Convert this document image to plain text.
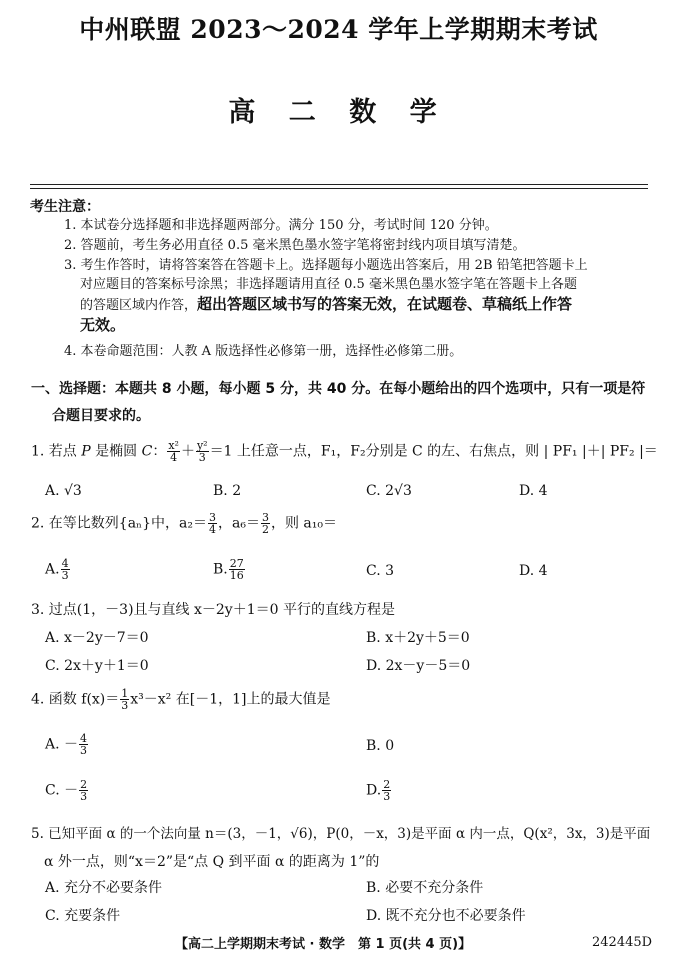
中州联盟 2023～2024 学年上学期期末考试
高 二 数 学
考生注意：
1. 本试卷分选择题和非选择题两部分。满分 150 分，考试时间 120 分钟。
2. 答题前，考生务必用直径 0.5 毫米黑色墨水签字笔将密封线内项目填写清楚。
3. 考生作答时，请将答案答在答题卡上。选择题每小题选出答案后，用 2B 铅笔把答题卡上
对应题目的答案标号涂黑；非选择题请用直径 0.5 毫米黑色墨水签字笔在答题卡上各题
的答题区域内作答，超出答题区域书写的答案无效，在试题卷、草稿纸上作答
无效。
4. 本卷命题范围：人教 A 版选择性必修第一册，选择性必修第二册。
一、选择题：本题共 8 小题，每小题 5 分，共 40 分。在每小题给出的四个选项中，只有一项是符
合题目要求的。
1. 若点 P 是椭圆 C： $\frac{\text{x²}}{4} + \frac{\text{y²}}{3} =1$ 上任意一点，F₁，F₂分别是 C 的左、右焦点，则 | PF₁ |＋| PF₂ |＝
A. √3	B. 2	C. 2√3	D. 4
2. 在等比数列{aₙ}中，$a_2= \frac{3}{4}$ ，$a_6= \frac{3}{2}$ ，则 a₁₀＝
A. $\frac{4}{3}$	B. $\frac{27}{16}$	C. 3	D. 4
3. 过点(1，－3)且与直线 x－2y＋1＝0 平行的直线方程是
A. x－2y－7＝0	B. x＋2y＋5＝0
C. 2x＋y＋1＝0	D. 2x－y－5＝0
4. 函数 $f(x)= \frac{1}{3} x^3-x^2$ 在[－1，1]上的最大值是
A. － $\frac{4}{3}$	B. 0
C. － $\frac{2}{3}$	D. $\frac{2}{3}$
5. 已知平面 α 的一个法向量 n＝(3，－1，√6)，P(0，－x，3)是平面 α 内一点，Q(x²，3x，3)是平面
α 外一点，则“x＝2”是“点 Q 到平面 α 的距离为 1”的
A. 充分不必要条件	B. 必要不充分条件
C. 充要条件	D. 既不充分也不必要条件
【高二上学期期末考试 · 数学　第 1 页(共 4 页)】	242445D
